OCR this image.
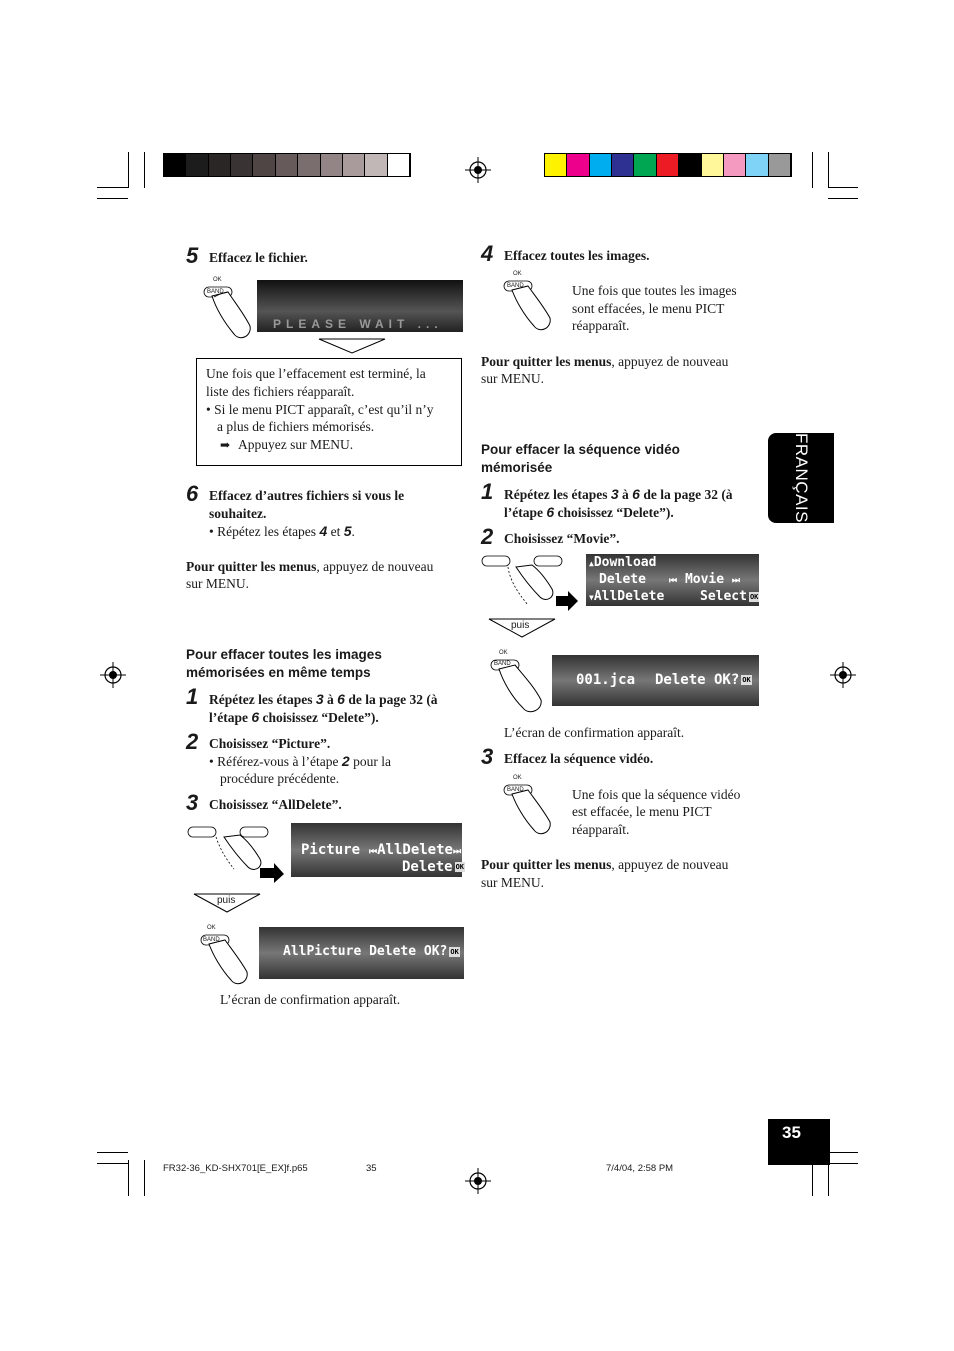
FRANÇAIS
35
5 Effacez le fichier.
OK
BAND
PLEASE WAIT ...
Une fois que l’effacement est terminé, la
liste des fichiers réapparaît.
• Si le menu PICT apparaît, c’est qu’il n’y
a plus de fichiers mémorisés.
➡ Appuyez sur MENU.
6 Effacez d’autres fichiers si vous le
souhaitez.
• Répétez les étapes 4 et 5.
Pour quitter les menus, appuyez de nouveau
sur MENU.
Pour effacer toutes les images
mémorisées en même temps
1 Répétez les étapes 3 à 6 de la page 32 (à
l’étape 6 choisissez “Delete”).
2 Choisissez “Picture”.
• Référez-vous à l’étape 2 pour la
procédure précédente.
3 Choisissez “AllDelete”.
Picture ⏮AllDelete⏭
Delete OK
puis
OK
BAND
AllPicture Delete OK? OK
L’écran de confirmation apparaît.
4 Effacez toutes les images.
OK
BAND	Une fois que toutes les images
sont effacées, le menu PICT
réapparaît.
Pour quitter les menus, appuyez de nouveau
sur MENU.
Pour effacer la séquence vidéo
mémorisée
1 Répétez les étapes 3 à 6 de la page 32 (à
l’étape 6 choisissez “Delete”).
2 Choisissez “Movie”.
▲Download
Delete
▼AllDelete
⏮ Movie ⏭
Select OK
puis
OK
BAND
001.jca Delete OK? OK
L’écran de confirmation apparaît.
3 Effacez la séquence vidéo.
OK
BAND	Une fois que la séquence vidéo
est effacée, le menu PICT
réapparaît.
Pour quitter les menus, appuyez de nouveau
sur MENU.
FR32-36_KD-SHX701[E_EX]f.p65	35	7/4/04, 2:58 PM
